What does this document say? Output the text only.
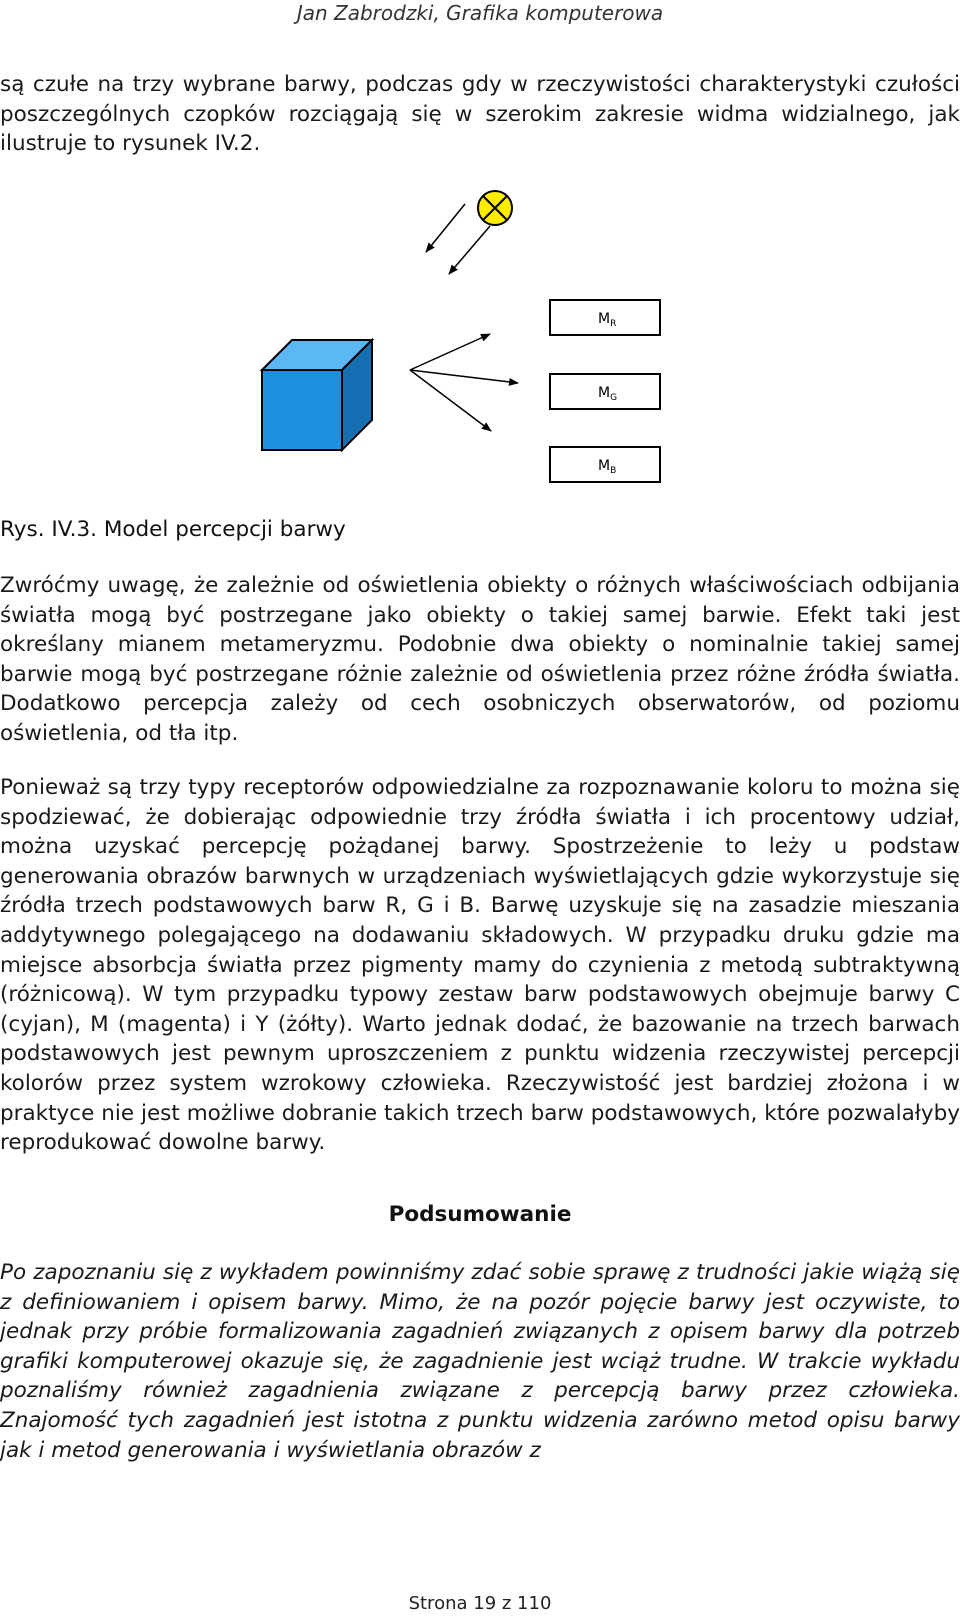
Jan Zabrodzki, Grafika komputerowa

są czułe na trzy wybrane barwy, podczas gdy w rzeczywistości charakterystyki czułości poszczególnych czopków rozciągają się w szerokim zakresie widma widzialnego, jak ilustruje to rysunek IV.2.

$M_R$
$M_G$
$M_B$

Rys. IV.3. Model percepcji barwy

Zwróćmy uwagę, że zależnie od oświetlenia obiekty o różnych właściwościach odbijania światła mogą być postrzegane jako obiekty o takiej samej barwie. Efekt taki jest określany mianem metameryzmu. Podobnie dwa obiekty o nominalnie takiej samej barwie mogą być postrzegane różnie zależnie od oświetlenia przez różne źródła światła. Dodatkowo percepcja zależy od cech osobniczych obserwatorów, od poziomu oświetlenia, od tła itp.

Ponieważ są trzy typy receptorów odpowiedzialne za rozpoznawanie koloru to można się spodziewać, że dobierając odpowiednie trzy źródła światła i ich procentowy udział, można uzyskać percepcję pożądanej barwy. Spostrzeżenie to leży u podstaw generowania obrazów barwnych w urządzeniach wyświetlających gdzie wykorzystuje się źródła trzech podstawowych barw R, G i B. Barwę uzyskuje się na zasadzie mieszania addytywnego polegającego na dodawaniu składowych. W przypadku druku gdzie ma miejsce absorbcja światła przez pigmenty mamy do czynienia z metodą subtraktywną (różnicową). W tym przypadku typowy zestaw barw podstawowych obejmuje barwy C (cyjan), M (magenta) i Y (żółty). Warto jednak dodać, że bazowanie na trzech barwach podstawowych jest pewnym uproszczeniem z punktu widzenia rzeczywistej percepcji kolorów przez system wzrokowy człowieka. Rzeczywistość jest bardziej złożona i w praktyce nie jest możliwe dobranie takich trzech barw podstawowych, które pozwalałyby reprodukować dowolne barwy.

Podsumowanie

Po zapoznaniu się z wykładem powinniśmy zdać sobie sprawę z trudności jakie wiążą się z definiowaniem i opisem barwy. Mimo, że na pozór pojęcie barwy jest oczywiste, to jednak przy próbie formalizowania zagadnień związanych z opisem barwy dla potrzeb grafiki komputerowej okazuje się, że zagadnienie jest wciąż trudne. W trakcie wykładu poznaliśmy również zagadnienia związane z percepcją barwy przez człowieka. Znajomość tych zagadnień jest istotna z punktu widzenia zarówno metod opisu barwy jak i metod generowania i wyświetlania obrazów z

Strona 19 z 110
